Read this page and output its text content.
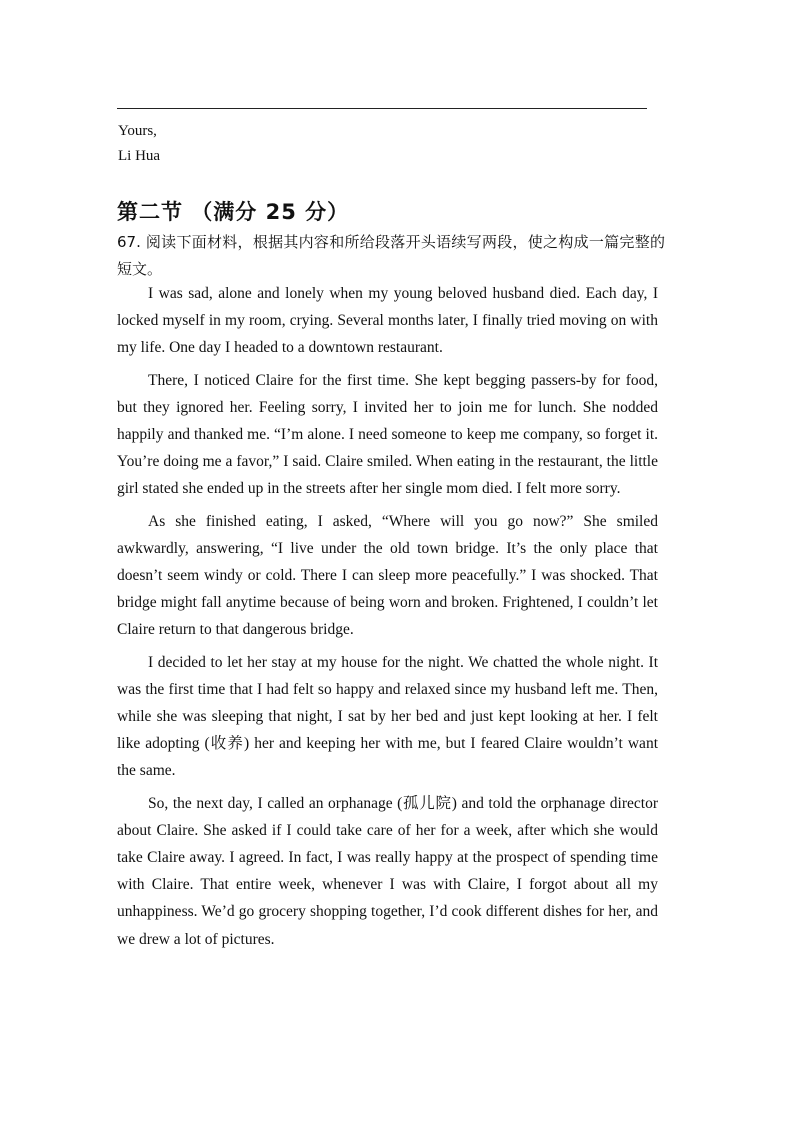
Yours,
Li Hua
第二节 （满分 25 分）
67. 阅读下面材料，根据其内容和所给段落开头语续写两段，使之构成一篇完整的短文。

I was sad, alone and lonely when my young beloved husband died. Each day, I locked myself in my room, crying. Several months later, I finally tried moving on with my life. One day I headed to a downtown restaurant.

There, I noticed Claire for the first time. She kept begging passers-by for food, but they ignored her. Feeling sorry, I invited her to join me for lunch. She nodded happily and thanked me. “I’m alone. I need someone to keep me company, so forget it. You’re doing me a favor,” I said. Claire smiled. When eating in the restaurant, the little girl stated she ended up in the streets after her single mom died. I felt more sorry.

As she finished eating, I asked, “Where will you go now?” She smiled awkwardly, answering, “I live under the old town bridge. It’s the only place that doesn’t seem windy or cold. There I can sleep more peacefully.” I was shocked. That bridge might fall anytime because of being worn and broken. Frightened, I couldn’t let Claire return to that dangerous bridge.

I decided to let her stay at my house for the night. We chatted the whole night. It was the first time that I had felt so happy and relaxed since my husband left me. Then, while she was sleeping that night, I sat by her bed and just kept looking at her. I felt like adopting (收养) her and keeping her with me, but I feared Claire wouldn’t want the same.

So, the next day, I called an orphanage (孤儿院) and told the orphanage director about Claire. She asked if I could take care of her for a week, after which she would take Claire away. I agreed. In fact, I was really happy at the prospect of spending time with Claire. That entire week, whenever I was with Claire, I forgot about all my unhappiness. We’d go grocery shopping together, I’d cook different dishes for her, and we drew a lot of pictures.
